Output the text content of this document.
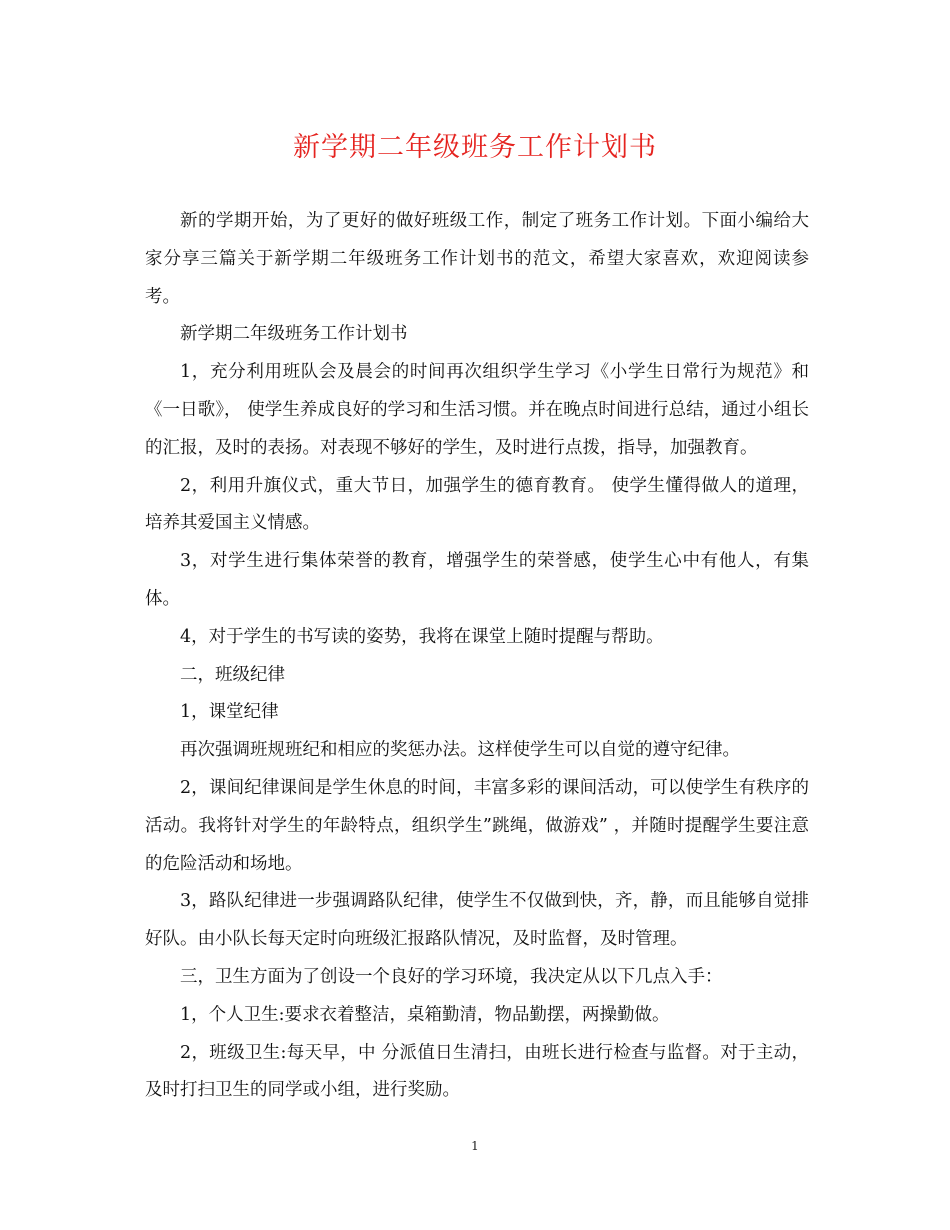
新学期二年级班务工作计划书

新的学期开始，为了更好的做好班级工作，制定了班务工作计划。下面小编给大家分享三篇关于新学期二年级班务工作计划书的范文，希望大家喜欢，欢迎阅读参考。

新学期二年级班务工作计划书

1，充分利用班队会及晨会的时间再次组织学生学习《小学生日常行为规范》和《一日歌》， 使学生养成良好的学习和生活习惯。并在晚点时间进行总结，通过小组长的汇报，及时的表扬。对表现不够好的学生，及时进行点拨，指导，加强教育。

2，利用升旗仪式，重大节日，加强学生的德育教育。 使学生懂得做人的道理，培养其爱国主义情感。

3，对学生进行集体荣誉的教育，增强学生的荣誉感，使学生心中有他人，有集体。

4，对于学生的书写读的姿势，我将在课堂上随时提醒与帮助。

二，班级纪律

1，课堂纪律

再次强调班规班纪和相应的奖惩办法。这样使学生可以自觉的遵守纪律。

2，课间纪律课间是学生休息的时间，丰富多彩的课间活动，可以使学生有秩序的活动。我将针对学生的年龄特点，组织学生”跳绳，做游戏” ，并随时提醒学生要注意的危险活动和场地。

3，路队纪律进一步强调路队纪律，使学生不仅做到快，齐，静，而且能够自觉排好队。由小队长每天定时向班级汇报路队情况，及时监督，及时管理。

三，卫生方面为了创设一个良好的学习环境，我决定从以下几点入手：

1，个人卫生:要求衣着整洁，桌箱勤清，物品勤摆，两操勤做。

2，班级卫生:每天早，中 分派值日生清扫，由班长进行检查与监督。对于主动，及时打扫卫生的同学或小组，进行奖励。

1
